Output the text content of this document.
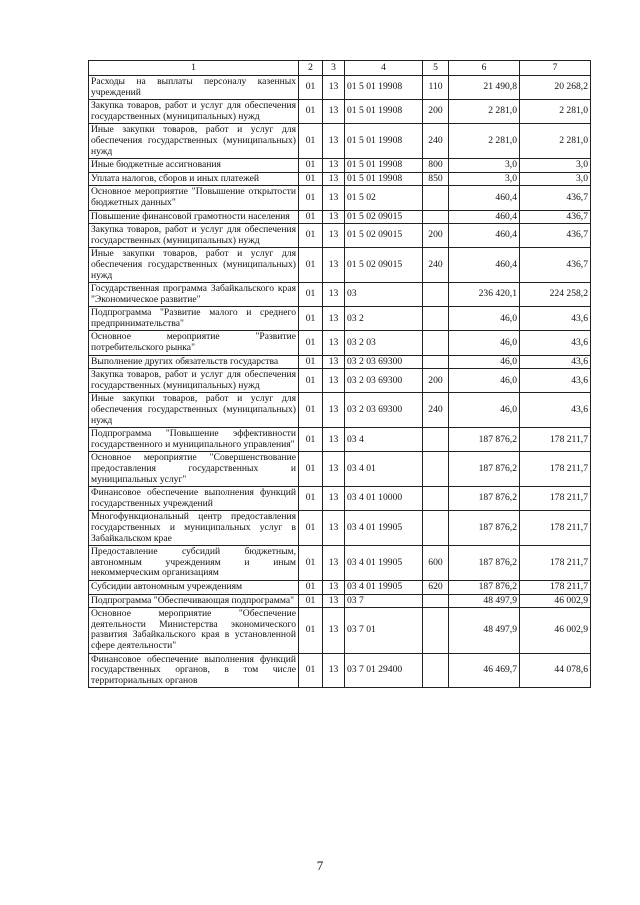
1	2	3	4	5	6	7
Расходы на выплаты персоналу казенных учреждений	01	13	01 5 01 19908	110	21 490,8	20 268,2
Закупка товаров, работ и услуг для обеспечения государственных (муниципальных) нужд	01	13	01 5 01 19908	200	2 281,0	2 281,0
Иные закупки товаров, работ и услуг для обеспечения государственных (муниципальных) нужд	01	13	01 5 01 19908	240	2 281,0	2 281,0
Иные бюджетные ассигнования	01	13	01 5 01 19908	800	3,0	3,0
Уплата налогов, сборов и иных платежей	01	13	01 5 01 19908	850	3,0	3,0
Основное мероприятие "Повышение открытости бюджетных данных"	01	13	01 5 02		460,4	436,7
Повышение финансовой грамотности населения	01	13	01 5 02 09015		460,4	436,7
Закупка товаров, работ и услуг для обеспечения государственных (муниципальных) нужд	01	13	01 5 02 09015	200	460,4	436,7
Иные закупки товаров, работ и услуг для обеспечения государственных (муниципальных) нужд	01	13	01 5 02 09015	240	460,4	436,7
Государственная программа Забайкальского края "Экономическое развитие"	01	13	03		236 420,1	224 258,2
Подпрограмма "Развитие малого и среднего предпринимательства"	01	13	03 2		46,0	43,6
Основное мероприятие "Развитие потребительского рынка"	01	13	03 2 03		46,0	43,6
Выполнение других обязательств государства	01	13	03 2 03 69300		46,0	43,6
Закупка товаров, работ и услуг для обеспечения государственных (муниципальных) нужд	01	13	03 2 03 69300	200	46,0	43,6
Иные закупки товаров, работ и услуг для обеспечения государственных (муниципальных) нужд	01	13	03 2 03 69300	240	46,0	43,6
Подпрограмма "Повышение эффективности государственного и муниципального управления"	01	13	03 4		187 876,2	178 211,7
Основное мероприятие "Совершенствование предоставления государственных и муниципальных услуг"	01	13	03 4 01		187 876,2	178 211,7
Финансовое обеспечение выполнения функций государственных учреждений	01	13	03 4 01 10000		187 876,2	178 211,7
Многофункциональный центр предоставления государственных и муниципальных услуг в Забайкальском крае	01	13	03 4 01 19905		187 876,2	178 211,7
Предоставление субсидий бюджетным, автономным учреждениям и иным некоммерческим организациям	01	13	03 4 01 19905	600	187 876,2	178 211,7
Субсидии автономным учреждениям	01	13	03 4 01 19905	620	187 876,2	178 211,7
Подпрограмма "Обеспечивающая подпрограмма"	01	13	03 7		48 497,9	46 002,9
Основное мероприятие "Обеспечение деятельности Министерства экономического развития Забайкальского края в установленной сфере деятельности"	01	13	03 7 01		48 497,9	46 002,9
Финансовое обеспечение выполнения функций государственных органов, в том числе территориальных органов	01	13	03 7 01 29400		46 469,7	44 078,6
7
